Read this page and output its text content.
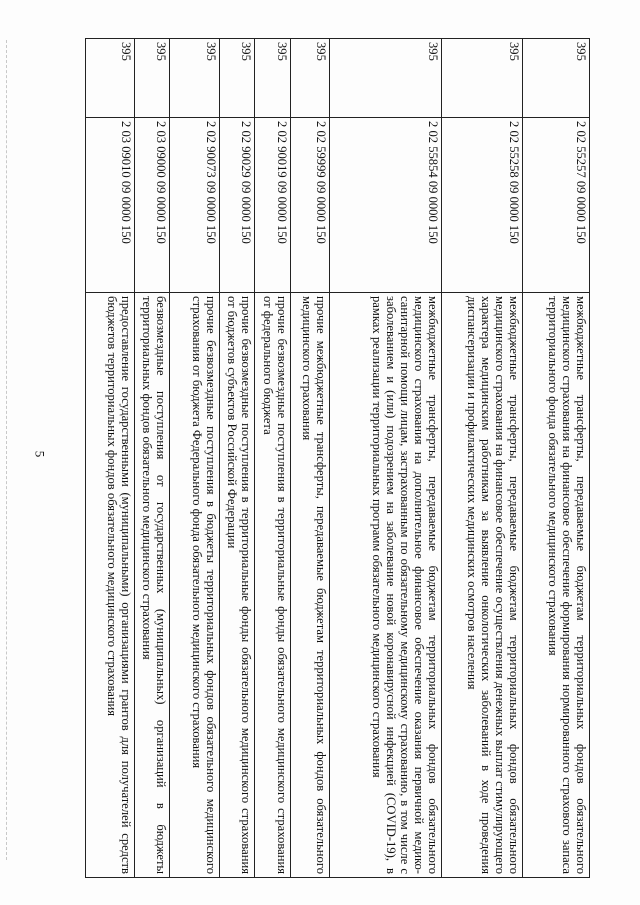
5
395	2 02 55257 09 0000 150	межбюджетные трансферты, передаваемые бюджетам территориальных фондов обязательного медицинского страхования на финансовое обеспечение формирования нормированного страхового запаса территориального фонда обязательного медицинского страхования
395	2 02 55258 09 0000 150	межбюджетные трансферты, передаваемые бюджетам территориальных фондов обязательного медицинского страхования на финансовое обеспечение осуществления денежных выплат стимулирующего характера медицинским работникам за выявление онкологических заболеваний в ходе проведения диспансеризации и профилактических медицинских осмотров населения
395	2 02 55854 09 0000 150	межбюджетные трансферты, передаваемые бюджетам территориальных фондов обязательного медицинского страхования на дополнительное финансовое обеспечение оказания первичной медико-санитарной помощи лицам, застрахованным по обязательному медицинскому страхованию, в том числе с заболеванием и (или) подозрением на заболевание новой коронавирусной инфекцией (COVID-19), в рамках реализации территориальных программ обязательного медицинского страхования
395	2 02 59999 09 0000 150	прочие межбюджетные трансферты, передаваемые бюджетам территориальных фондов обязательного медицинского страхования
395	2 02 90019 09 0000 150	прочие безвозмездные поступления в территориальные фонды обязательного медицинского страхования от федерального бюджета
395	2 02 90029 09 0000 150	прочие безвозмездные поступления в территориальные фонды обязательного медицинского страхования от бюджетов субъектов Российской Федерации
395	2 02 90073 09 0000 150	прочие безвозмездные поступления в бюджеты территориальных фондов обязательного медицинского страхования от бюджета Федерального фонда обязательного медицинского страхования
395	2 03 09000 09 0000 150	безвозмездные поступления от государственных (муниципальных) организаций в бюджеты территориальных фондов обязательного медицинского страхования
395	2 03 09010 09 0000 150	предоставление государственными (муниципальными) организациями грантов для получателей средств бюджетов территориальных фондов обязательного медицинского страхования
